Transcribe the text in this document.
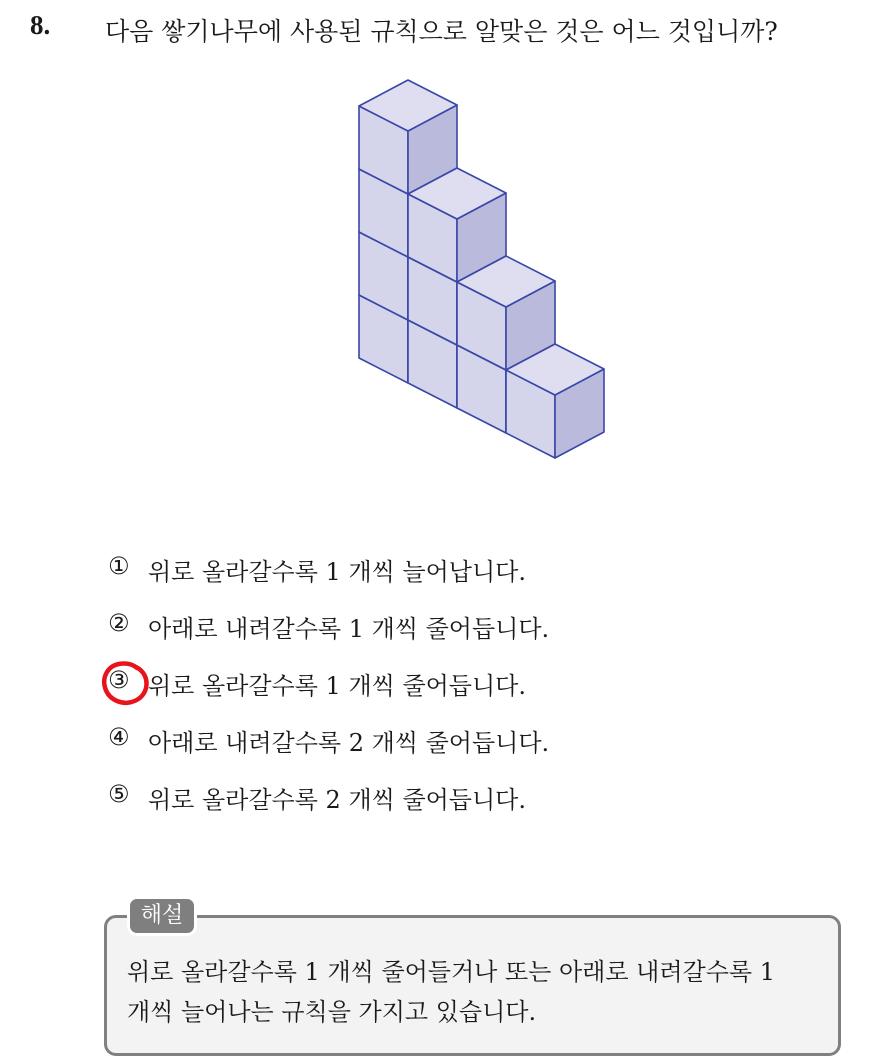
8. 다음 쌓기나무에 사용된 규칙으로 알맞은 것은 어느 것입니까?
① 위로 올라갈수록 1 개씩 늘어납니다.
② 아래로 내려갈수록 1 개씩 줄어듭니다.
③ 위로 올라갈수록 1 개씩 줄어듭니다.
④ 아래로 내려갈수록 2 개씩 줄어듭니다.
⑤ 위로 올라갈수록 2 개씩 줄어듭니다.
해설
위로 올라갈수록 1 개씩 줄어들거나 또는 아래로 내려갈수록 1
개씩 늘어나는 규칙을 가지고 있습니다.
